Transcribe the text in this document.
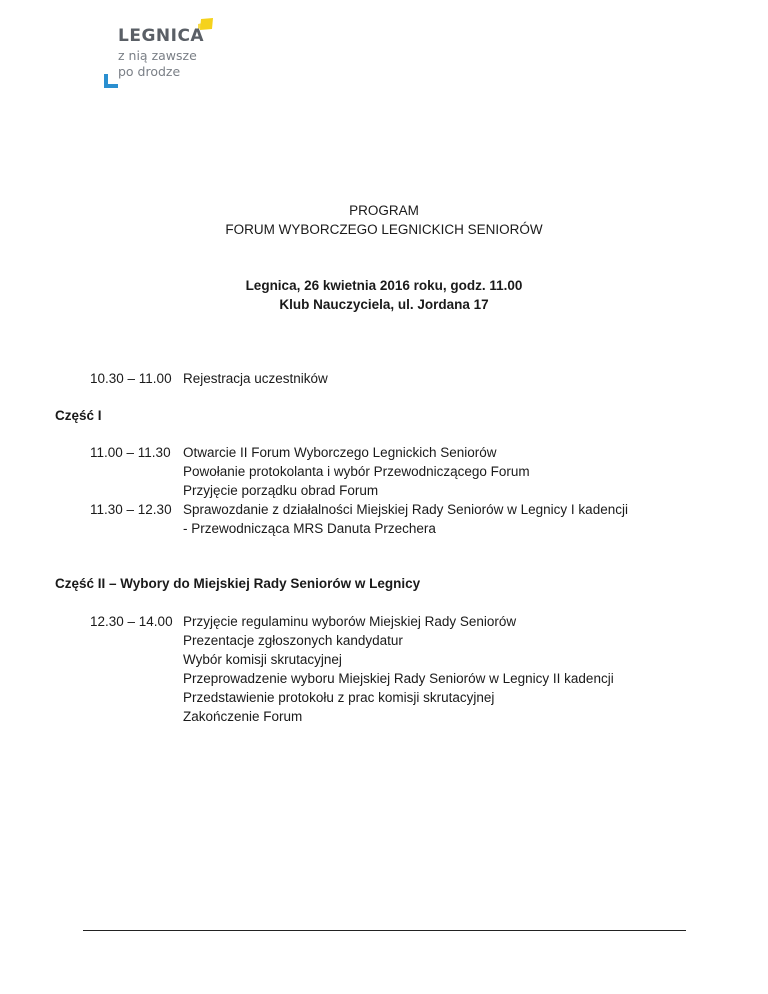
LEGNICA
z nią zawsze
po drodze
PROGRAM
FORUM WYBORCZEGO LEGNICKICH SENIORÓW
Legnica, 26 kwietnia 2016 roku, godz. 11.00
Klub Nauczyciela, ul. Jordana 17
10.30 – 11.00 Rejestracja uczestników
Część I
11.00 – 11.30 Otwarcie II Forum Wyborczego Legnickich Seniorów
Powołanie protokolanta i wybór Przewodniczącego Forum
Przyjęcie porządku obrad Forum
11.30 – 12.30 Sprawozdanie z działalności Miejskiej Rady Seniorów w Legnicy I kadencji
- Przewodnicząca MRS Danuta Przechera
Część II – Wybory do Miejskiej Rady Seniorów w Legnicy
12.30 – 14.00 Przyjęcie regulaminu wyborów Miejskiej Rady Seniorów
Prezentacje zgłoszonych kandydatur
Wybór komisji skrutacyjnej
Przeprowadzenie wyboru Miejskiej Rady Seniorów w Legnicy II kadencji
Przedstawienie protokołu z prac komisji skrutacyjnej
Zakończenie Forum
